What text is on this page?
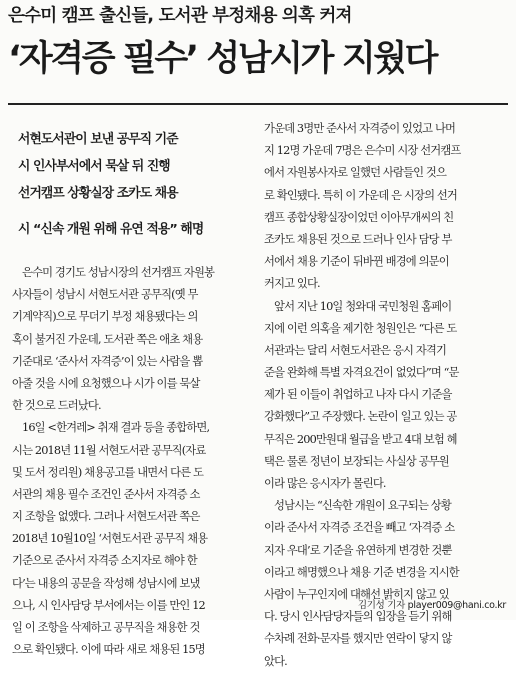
은수미 캠프 출신들, 도서관 부정채용 의혹 커져
‘자격증 필수’ 성남시가 지웠다
서현도서관이 보낸 공무직 기준
시 인사부서에서 묵살 뒤 진행
선거캠프 상황실장 조카도 채용
시 “신속 개원 위해 유연 적용” 해명
은수미 경기도 성남시장의 선거캠프 자원봉
사자들이 성남시 서현도서관 공무직(옛 무
기계약직)으로 무더기 부정 채용됐다는 의
혹이 불거진 가운데, 도서관 쪽은 애초 채용
기준대로 ‘준사서 자격증’이 있는 사람을 뽑
아줄 것을 시에 요청했으나 시가 이를 묵살
한 것으로 드러났다.
16일 <한겨레> 취재 결과 등을 종합하면,
시는 2018년 11월 서현도서관 공무직(자료
및 도서 정리원) 채용공고를 내면서 다른 도
서관의 채용 필수 조건인 준사서 자격증 소
지 조항을 없앴다. 그러나 서현도서관 쪽은
2018년 10월10일 ‘서현도서관 공무직 채용
기준으로 준사서 자격증 소지자로 해야 한
다’는 내용의 공문을 작성해 성남시에 보냈
으나, 시 인사담당 부서에서는 이를 만인 12
일 이 조항을 삭제하고 공무직을 채용한 것
으로 확인됐다. 이에 따라 새로 채용된 15명
가운데 3명만 준사서 자격증이 있었고 나머
지 12명 가운데 7명은 은수미 시장 선거캠프
에서 자원봉사자로 일했던 사람들인 것으
로 확인됐다. 특히 이 가운데 은 시장의 선거
캠프 종합상황실장이었던 이아무개씨의 친
조카도 채용된 것으로 드러나 인사 담당 부
서에서 채용 기준이 뒤바뀐 배경에 의문이
커지고 있다.
앞서 지난 10일 청와대 국민청원 홈페이
지에 이런 의혹을 제기한 청원인은 “다른 도
서관과는 달리 서현도서관은 응시 자격기
준을 완화해 특별 자격요건이 없었다”며 “문
제가 된 이들이 취업하고 나자 다시 기준을
강화했다”고 주장했다. 논란이 일고 있는 공
무직은 200만원대 월급을 받고 4대 보험 혜
택은 물론 정년이 보장되는 사실상 공무원
이라 많은 응시자가 몰린다.
성남시는 “신속한 개원이 요구되는 상황
이라 준사서 자격증 조건을 빼고 ‘자격증 소
지자 우대’로 기준을 유연하게 변경한 것뿐
이라고 해명했으나 채용 기준 변경을 지시한
사람이 누구인지에 대해선 밝히지 않고 있
다. 당시 인사담당자들의 입장을 듣기 위해
수차례 전화·문자를 했지만 연락이 닿지 않
았다.
김기성 기자 player009@hani.co.kr
